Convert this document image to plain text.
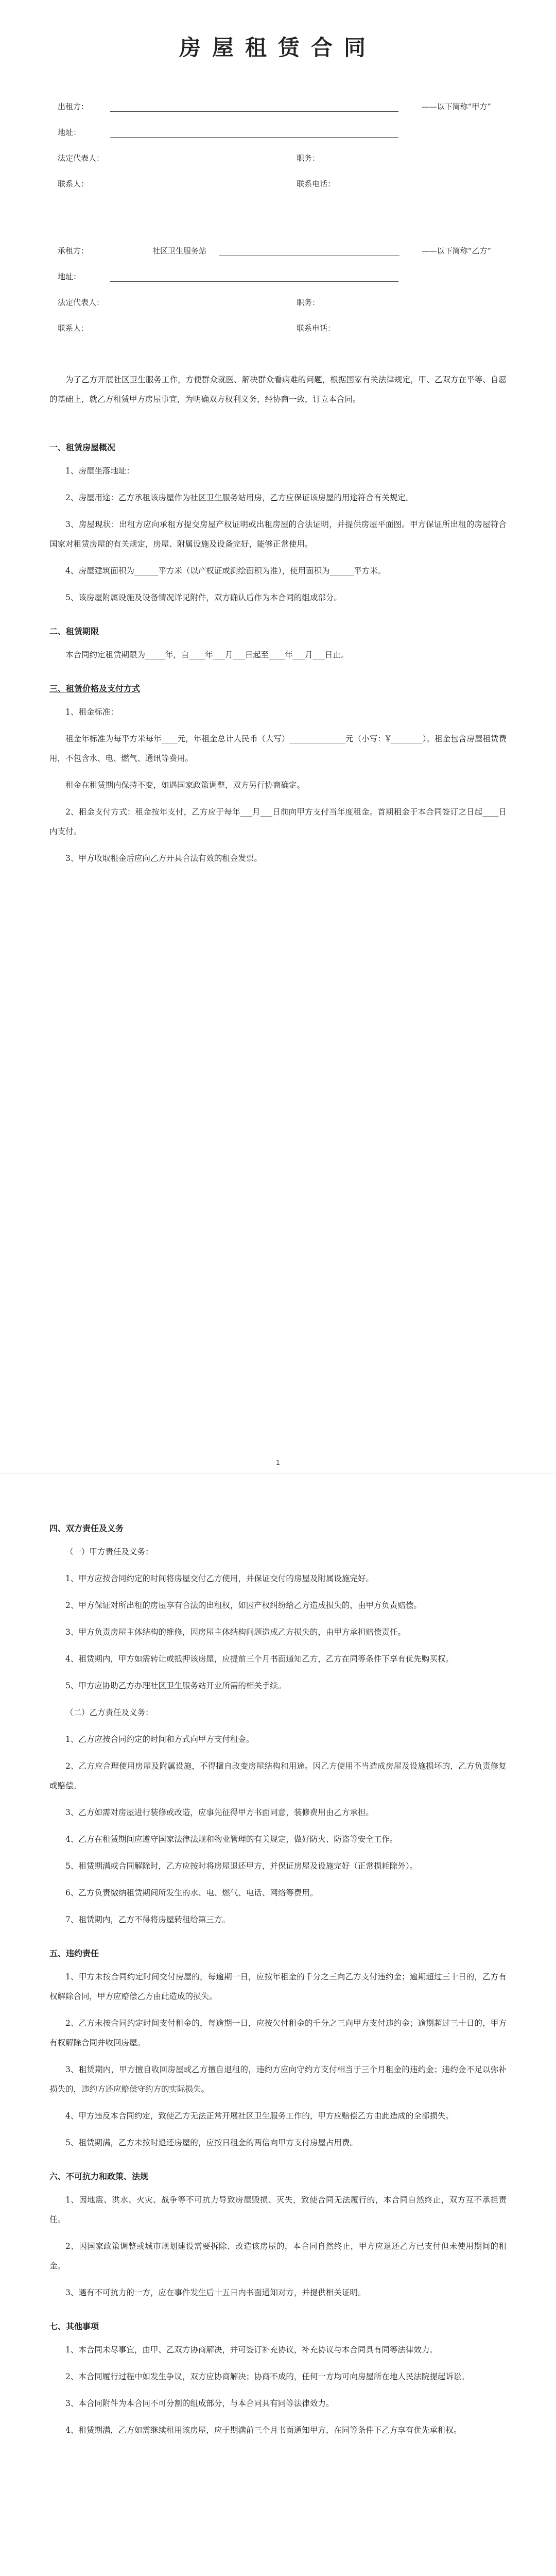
房屋租赁合同
出租方：	——以下简称“甲方”
地址：
法定代表人：	职务：
联系人：	联系电话：
承租方：	社区卫生服务站	——以下简称“乙方”
地址：
法定代表人：	职务：
联系人：	联系电话：

为了乙方开展社区卫生服务工作，方便群众就医、解决群众看病难的问题，根据国家有关法律规定，甲、乙双方在平等、自愿的基础上，就乙方租赁甲方房屋事宜，为明确双方权利义务，经协商一致，订立本合同。

一、租赁房屋概况

1、房屋坐落地址：

2、房屋用途：乙方承租该房屋作为社区卫生服务站用房，乙方应保证该房屋的用途符合有关规定。

3、房屋现状：出租方应向承租方提交房屋产权证明或出租房屋的合法证明，并提供房屋平面图。甲方保证所出租的房屋符合国家对租赁房屋的有关规定，房屋、附属设施及设备完好，能够正常使用。

4、房屋建筑面积为______平方米（以产权证或测绘面积为准），使用面积为______平方米。

5、该房屋附属设施及设备情况详见附件，双方确认后作为本合同的组成部分。

二、租赁期限

本合同约定租赁期限为_____年，自____年___月___日起至____年___月___日止。

三、租赁价格及支付方式

1、租金标准：

租金年标准为每平方米每年____元，年租金总计人民币（大写）______________元（小写：¥________）。租金包含房屋租赁费用，不包含水、电、燃气、通讯等费用。

租金在租赁期内保持不变，如遇国家政策调整，双方另行协商确定。

2、租金支付方式：租金按年支付，乙方应于每年___月___日前向甲方支付当年度租金。首期租金于本合同签订之日起____日内支付。

3、甲方收取租金后应向乙方开具合法有效的租金发票。

1
四、双方责任及义务

（一）甲方责任及义务：

1、甲方应按合同约定的时间将房屋交付乙方使用，并保证交付的房屋及附属设施完好。

2、甲方保证对所出租的房屋享有合法的出租权，如因产权纠纷给乙方造成损失的，由甲方负责赔偿。

3、甲方负责房屋主体结构的维修，因房屋主体结构问题造成乙方损失的，由甲方承担赔偿责任。

4、租赁期内，甲方如需转让或抵押该房屋，应提前三个月书面通知乙方，乙方在同等条件下享有优先购买权。

5、甲方应协助乙方办理社区卫生服务站开业所需的相关手续。

（二）乙方责任及义务：

1、乙方应按合同约定的时间和方式向甲方支付租金。

2、乙方应合理使用房屋及附属设施，不得擅自改变房屋结构和用途。因乙方使用不当造成房屋及设施损坏的，乙方负责修复或赔偿。

3、乙方如需对房屋进行装修或改造，应事先征得甲方书面同意，装修费用由乙方承担。

4、乙方在租赁期间应遵守国家法律法规和物业管理的有关规定，做好防火、防盗等安全工作。

5、租赁期满或合同解除时，乙方应按时将房屋退还甲方，并保证房屋及设施完好（正常损耗除外）。

6、乙方负责缴纳租赁期间所发生的水、电、燃气、电话、网络等费用。

7、租赁期内，乙方不得将房屋转租给第三方。

五、违约责任

1、甲方未按合同约定时间交付房屋的，每逾期一日，应按年租金的千分之三向乙方支付违约金；逾期超过三十日的，乙方有权解除合同，甲方应赔偿乙方由此造成的损失。

2、乙方未按合同约定时间支付租金的，每逾期一日，应按欠付租金的千分之三向甲方支付违约金；逾期超过三十日的，甲方有权解除合同并收回房屋。

3、租赁期内，甲方擅自收回房屋或乙方擅自退租的，违约方应向守约方支付相当于三个月租金的违约金；违约金不足以弥补损失的，违约方还应赔偿守约方的实际损失。

4、甲方违反本合同约定，致使乙方无法正常开展社区卫生服务工作的，甲方应赔偿乙方由此造成的全部损失。

5、租赁期满，乙方未按时退还房屋的，应按日租金的两倍向甲方支付房屋占用费。

六、不可抗力和政策、法规

1、因地震、洪水、火灾、战争等不可抗力导致房屋毁损、灭失，致使合同无法履行的，本合同自然终止，双方互不承担责任。

2、因国家政策调整或城市规划建设需要拆除、改造该房屋的，本合同自然终止，甲方应退还乙方已支付但未使用期间的租金。

3、遇有不可抗力的一方，应在事件发生后十五日内书面通知对方，并提供相关证明。

七、其他事项

1、本合同未尽事宜，由甲、乙双方协商解决，并可签订补充协议，补充协议与本合同具有同等法律效力。

2、本合同履行过程中如发生争议，双方应协商解决；协商不成的，任何一方均可向房屋所在地人民法院提起诉讼。

3、本合同附件为本合同不可分割的组成部分，与本合同具有同等法律效力。

4、租赁期满，乙方如需继续租用该房屋，应于期满前三个月书面通知甲方，在同等条件下乙方享有优先承租权。
